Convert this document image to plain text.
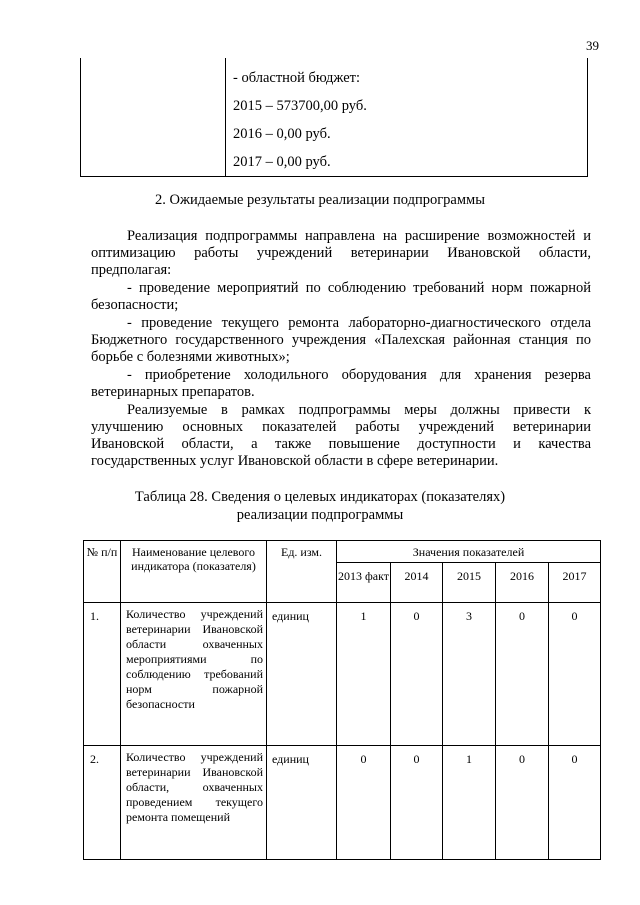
39
- областной бюджет:
2015 – 573700,00 руб.
2016 – 0,00 руб.
2017 – 0,00 руб.
2. Ожидаемые результаты реализации подпрограммы

Реализация подпрограммы направлена на расширение возможностей и

оптимизацию работы учреждений ветеринарии Ивановской области,

предполагая:

- проведение мероприятий по соблюдению требований норм пожарной

безопасности;

- проведение текущего ремонта лабораторно-диагностического отдела

Бюджетного государственного учреждения «Палехская районная станция по

борьбе с болезнями животных»;

- приобретение холодильного оборудования для хранения резерва

ветеринарных препаратов.

Реализуемые в рамках подпрограммы меры должны привести к

улучшению основных показателей работы учреждений ветеринарии

Ивановской области, а также повышение доступности и качества

государственных услуг Ивановской области в сфере ветеринарии.

Таблица 28. Сведения о целевых индикаторах (показателях)
реализации подпрограммы
№ п/п	Наименование целевого индикатора (показателя)	Ед. изм.	Значения показателей				
			2013 факт	2014	2015	2016	2017
1.	Количество учреждений ветеринарии Ивановской области охваченных мероприятиями по соблюдению требований норм пожарной безопасности	единиц	1	0	3	0	0
2.	Количество учреждений ветеринарии Ивановской области, охваченных проведением текущего ремонта помещений	единиц	0	0	1	0	0
